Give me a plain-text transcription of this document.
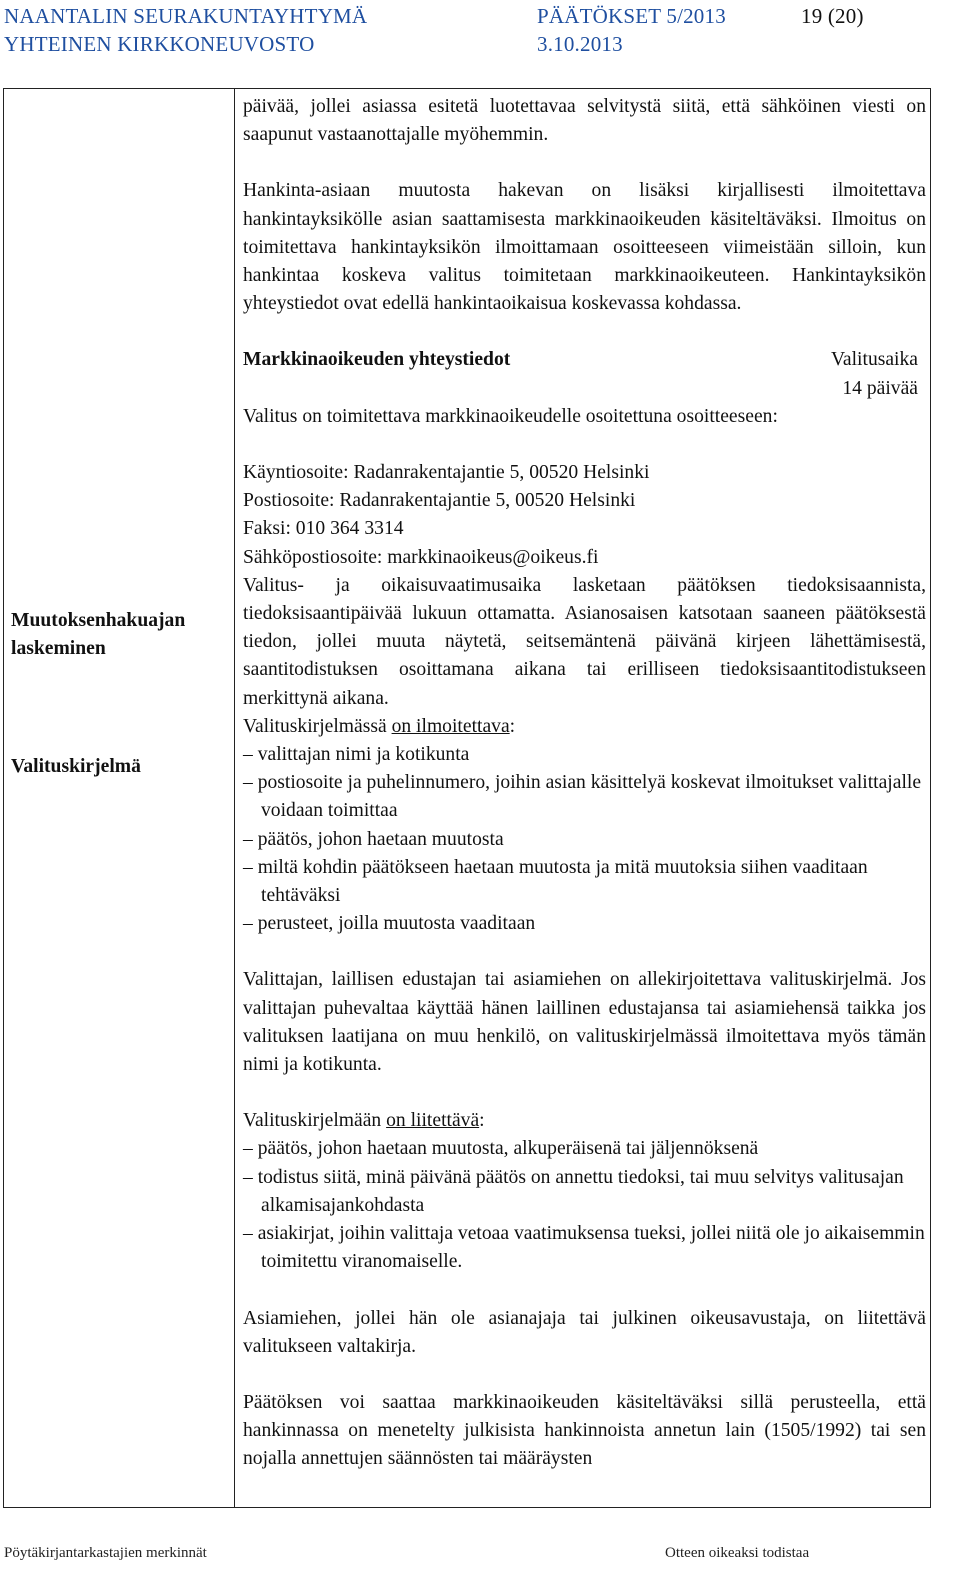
NAANTALIN SEURAKUNTAYHTYMÄ	PÄÄTÖKSET 5/2013	19 (20)
YHTEINEN KIRKKONEUVOSTO	3.10.2013
Muutoksenhakuajan
laskeminen
Valituskirjelmä

päivää, jollei asiassa esitetä luotettavaa selvitystä siitä, että sähköinen viesti on saapunut vastaanottajalle myöhemmin.

Hankinta-asiaan muutosta hakevan on lisäksi kirjallisesti ilmoitettava hankintayksikölle asian saattamisesta markkinaoikeuden käsiteltäväksi. Ilmoitus on toimitettava hankintayksikön ilmoittamaan osoitteeseen viimeistään silloin, kun hankintaa koskeva valitus toimitetaan markkinaoikeuteen. Hankintayksikön yhteystiedot ovat edellä hankintaoikaisua koskevassa kohdassa.

Markkinaoikeuden yhteystiedot	Valitusaika
14 päivää

Valitus on toimitettava markkinaoikeudelle osoitettuna osoitteeseen:

Käyntiosoite: Radanrakentajantie 5, 00520 Helsinki

Postiosoite: Radanrakentajantie 5, 00520 Helsinki

Faksi: 010 364 3314

Sähköpostiosoite: markkinaoikeus@oikeus.fi

Valitus- ja oikaisuvaatimusaika lasketaan päätöksen tiedoksisaannista, tiedoksisaantipäivää lukuun ottamatta. Asianosaisen katsotaan saaneen päätöksestä tiedon, jollei muuta näytetä, seitsemäntenä päivänä kirjeen lähettämisestä, saantitodistuksen osoittamana aikana tai erilliseen tiedoksisaantitodistukseen merkittynä aikana.

Valituskirjelmässä on ilmoitettava:

– valittajan nimi ja kotikunta

– postiosoite ja puhelinnumero, joihin asian käsittelyä koskevat ilmoitukset valittajalle voidaan toimittaa

– päätös, johon haetaan muutosta

– miltä kohdin päätökseen haetaan muutosta ja mitä muutoksia siihen vaaditaan tehtäväksi

– perusteet, joilla muutosta vaaditaan

Valittajan, laillisen edustajan tai asiamiehen on allekirjoitettava valituskirjelmä. Jos valittajan puhevaltaa käyttää hänen laillinen edustajansa tai asiamiehensä taikka jos valituksen laatijana on muu henkilö, on valituskirjelmässä ilmoitettava myös tämän nimi ja kotikunta.

Valituskirjelmään on liitettävä:

– päätös, johon haetaan muutosta, alkuperäisenä tai jäljennöksenä

– todistus siitä, minä päivänä päätös on annettu tiedoksi, tai muu selvitys valitusajan alkamisajankohdasta

– asiakirjat, joihin valittaja vetoaa vaatimuksensa tueksi, jollei niitä ole jo aikaisemmin toimitettu viranomaiselle.

Asiamiehen, jollei hän ole asianajaja tai julkinen oikeusavustaja, on liitettävä valitukseen valtakirja.

Päätöksen voi saattaa markkinaoikeuden käsiteltäväksi sillä perusteella, että hankinnassa on menetelty julkisista hankinnoista annetun lain (1505/1992) tai sen nojalla annettujen säännösten tai määräysten

Pöytäkirjantarkastajien merkinnät	Otteen oikeaksi todistaa
